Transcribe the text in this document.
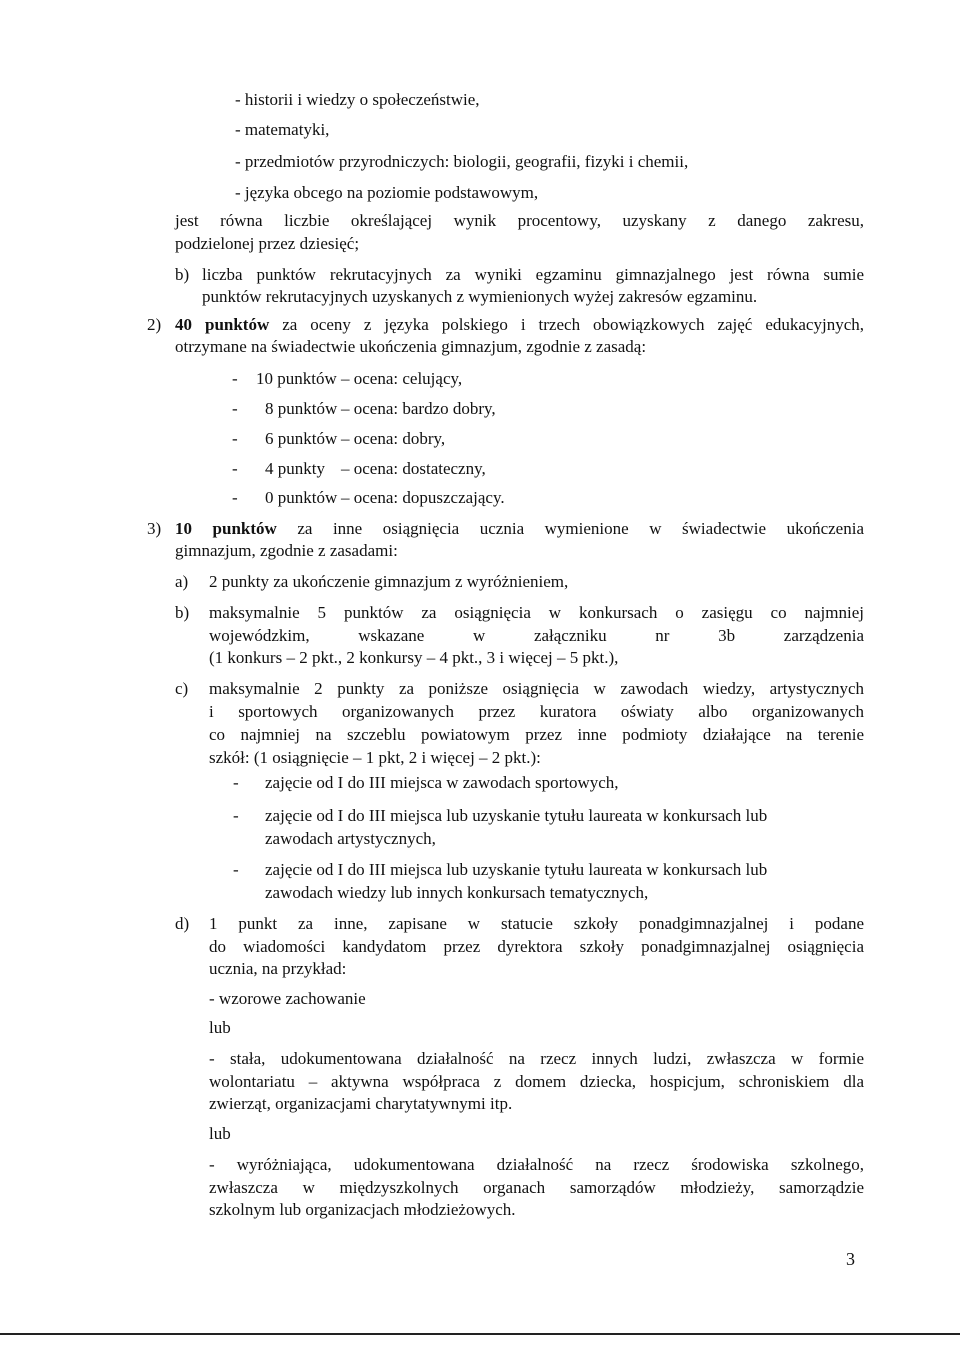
- historii i wiedzy o społeczeństwie,
- matematyki,
- przedmiotów przyrodniczych: biologii, geografii, fizyki i chemii,
- języka obcego na poziomie podstawowym,
jest równa liczbie określającej wynik procentowy, uzyskany z danego zakresu,
podzielonej przez dziesięć;
b) liczba punktów rekrutacyjnych za wyniki egzaminu gimnazjalnego jest równa sumie
punktów rekrutacyjnych uzyskanych z wymienionych wyżej zakresów egzaminu.
2) 40 punktów za oceny z języka polskiego i trzech obowiązkowych zajęć edukacyjnych,
otrzymane na świadectwie ukończenia gimnazjum, zgodnie z zasadą:
- 10 punktów – ocena: celujący,
- 8 punktów – ocena: bardzo dobry,
- 6 punktów – ocena: dobry,
- 4 punkty – ocena: dostateczny,
- 0 punktów – ocena: dopuszczający.
3) 10 punktów za inne osiągnięcia ucznia wymienione w świadectwie ukończenia
gimnazjum, zgodnie z zasadami:
a) 2 punkty za ukończenie gimnazjum z wyróżnieniem,
b) maksymalnie 5 punktów za osiągnięcia w konkursach o zasięgu co najmniej
wojewódzkim, wskazane w załączniku nr 3b zarządzenia
(1 konkurs – 2 pkt., 2 konkursy – 4 pkt., 3 i więcej – 5 pkt.),
c) maksymalnie 2 punkty za poniższe osiągnięcia w zawodach wiedzy, artystycznych
i sportowych organizowanych przez kuratora oświaty albo organizowanych
co najmniej na szczeblu powiatowym przez inne podmioty działające na terenie
szkół: (1 osiągnięcie – 1 pkt, 2 i więcej – 2 pkt.):
- zajęcie od I do III miejsca w zawodach sportowych,
- zajęcie od I do III miejsca lub uzyskanie tytułu laureata w konkursach lub
zawodach artystycznych,
- zajęcie od I do III miejsca lub uzyskanie tytułu laureata w konkursach lub
zawodach wiedzy lub innych konkursach tematycznych,
d) 1 punkt za inne, zapisane w statucie szkoły ponadgimnazjalnej i podane
do wiadomości kandydatom przez dyrektora szkoły ponadgimnazjalnej osiągnięcia
ucznia, na przykład:
- wzorowe zachowanie
lub
- stała, udokumentowana działalność na rzecz innych ludzi, zwłaszcza w formie
wolontariatu – aktywna współpraca z domem dziecka, hospicjum, schroniskiem dla
zwierząt, organizacjami charytatywnymi itp.
lub
- wyróżniająca, udokumentowana działalność na rzecz środowiska szkolnego,
zwłaszcza w międzyszkolnych organach samorządów młodzieży, samorządzie
szkolnym lub organizacjach młodzieżowych.
3
